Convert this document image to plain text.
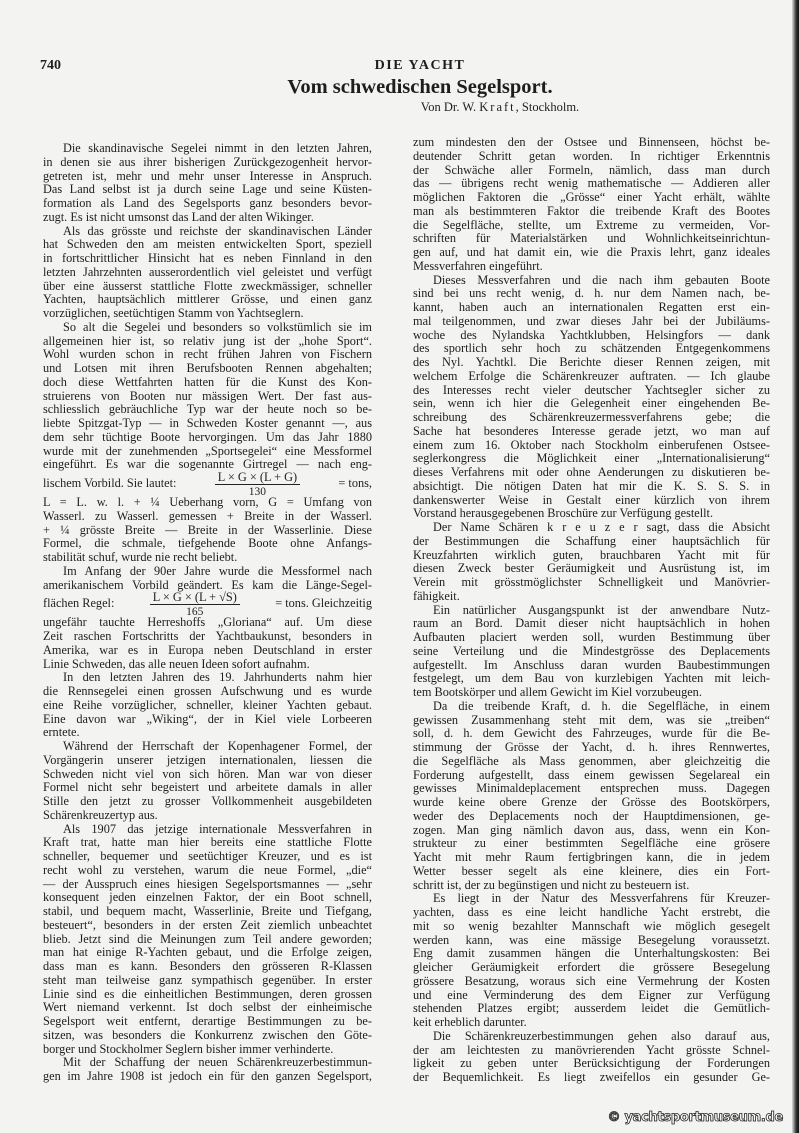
740	DIE YACHT
Vom schwedischen Segelsport.
Von Dr. W. Kraft, Stockholm.
Die skandinavische Segelei nimmt in den letzten Jahren,
in denen sie aus ihrer bisherigen Zurückgezogenheit hervor-
getreten ist, mehr und mehr unser Interesse in Anspruch.
Das Land selbst ist ja durch seine Lage und seine Küsten-
formation als Land des Segelsports ganz besonders bevor-
zugt. Es ist nicht umsonst das Land der alten Wikinger.
Als das grösste und reichste der skandinavischen Länder
hat Schweden den am meisten entwickelten Sport, speziell
in fortschrittlicher Hinsicht hat es neben Finnland in den
letzten Jahrzehnten ausserordentlich viel geleistet und verfügt
über eine äusserst stattliche Flotte zweckmässiger, schneller
Yachten, hauptsächlich mittlerer Grösse, und einen ganz
vorzüglichen, seetüchtigen Stamm von Yachtseglern.
So alt die Segelei und besonders so volkstümlich sie im
allgemeinen hier ist, so relativ jung ist der „hohe Sport“.
Wohl wurden schon in recht frühen Jahren von Fischern
und Lotsen mit ihren Berufsbooten Rennen abgehalten;
doch diese Wettfahrten hatten für die Kunst des Kon-
struierens von Booten nur mässigen Wert. Der fast aus-
schliesslich gebräuchliche Typ war der heute noch so be-
liebte Spitzgat-Typ — in Schweden Koster genannt —, aus
dem sehr tüchtige Boote hervorgingen. Um das Jahr 1880
wurde mit der zunehmenden „Sportsegelei“ eine Messformel
eingeführt. Es war die sogenannte Girtregel — nach eng-
lischem Vorbild. Sie lautet:	$\frac{L \times G \times (L + G)}{130}$	= tons,
L = L. w. l. + ¼ Ueberhang vorn, G = Umfang von
Wasserl. zu Wasserl. gemessen + Breite in der Wasserl.
+ ¼ grösste Breite — Breite in der Wasserlinie. Diese
Formel, die schmale, tiefgehende Boote ohne Anfangs-
stabilität schuf, wurde nie recht beliebt.
Im Anfang der 90er Jahre wurde die Messformel nach
amerikanischem Vorbild geändert. Es kam die Länge-Segel-
flächen Regel:	$\frac{L \times G \times (L + √S)}{165}$	= tons. Gleichzeitig
ungefähr tauchte Herreshoffs „Gloriana“ auf. Um diese
Zeit raschen Fortschritts der Yachtbaukunst, besonders in
Amerika, war es in Europa neben Deutschland in erster
Linie Schweden, das alle neuen Ideen sofort aufnahm.
In den letzten Jahren des 19. Jahrhunderts nahm hier
die Rennsegelei einen grossen Aufschwung und es wurde
eine Reihe vorzüglicher, schneller, kleiner Yachten gebaut.
Eine davon war „Wiking“, der in Kiel viele Lorbeeren
erntete.
Während der Herrschaft der Kopenhagener Formel, der
Vorgängerin unserer jetzigen internationalen, liessen die
Schweden nicht viel von sich hören. Man war von dieser
Formel nicht sehr begeistert und arbeitete damals in aller
Stille den jetzt zu grosser Vollkommenheit ausgebildeten
Schärenkreuzertyp aus.
Als 1907 das jetzige internationale Messverfahren in
Kraft trat, hatte man hier bereits eine stattliche Flotte
schneller, bequemer und seetüchtiger Kreuzer, und es ist
recht wohl zu verstehen, warum die neue Formel, „die“
— der Ausspruch eines hiesigen Segelsportsmannes — „sehr
konsequent jeden einzelnen Faktor, der ein Boot schnell,
stabil, und bequem macht, Wasserlinie, Breite und Tiefgang,
besteuert“, besonders in der ersten Zeit ziemlich unbeachtet
blieb. Jetzt sind die Meinungen zum Teil andere geworden;
man hat einige R-Yachten gebaut, und die Erfolge zeigen,
dass man es kann. Besonders den grösseren R-Klassen
steht man teilweise ganz sympathisch gegenüber. In erster
Linie sind es die einheitlichen Bestimmungen, deren grossen
Wert niemand verkennt. Ist doch selbst der einheimische
Segelsport weit entfernt, derartige Bestimmungen zu be-
sitzen, was besonders die Konkurrenz zwischen den Göte-
borger und Stockholmer Seglern bisher immer verhinderte.
Mit der Schaffung der neuen Schärenkreuzerbestimmun-
gen im Jahre 1908 ist jedoch ein für den ganzen Segelsport,
zum mindesten den der Ostsee und Binnenseen, höchst be-
deutender Schritt getan worden. In richtiger Erkenntnis
der Schwäche aller Formeln, nämlich, dass man durch
das — übrigens recht wenig mathematische — Addieren aller
möglichen Faktoren die „Grösse“ einer Yacht erhält, wählte
man als bestimmteren Faktor die treibende Kraft des Bootes
die Segelfläche, stellte, um Extreme zu vermeiden, Vor-
schriften für Materialstärken und Wohnlichkeitseinrichtun-
gen auf, und hat damit ein, wie die Praxis lehrt, ganz ideales
Messverfahren eingeführt.
Dieses Messverfahren und die nach ihm gebauten Boote
sind bei uns recht wenig, d. h. nur dem Namen nach, be-
kannt, haben auch an internationalen Regatten erst ein-
mal teilgenommen, und zwar dieses Jahr bei der Jubiläums-
woche des Nylandska Yachtklubben, Helsingfors — dank
des sportlich sehr hoch zu schätzenden Entgegenkommens
des Nyl. Yachtkl. Die Berichte dieser Rennen zeigen, mit
welchem Erfolge die Schärenkreuzer auftraten. — Ich glaube
des Interesses recht vieler deutscher Yachtsegler sicher zu
sein, wenn ich hier die Gelegenheit einer eingehenden Be-
schreibung des Schärenkreuzermessverfahrens gebe; die
Sache hat besonderes Interesse gerade jetzt, wo man auf
einem zum 16. Oktober nach Stockholm einberufenen Ostsee-
seglerkongress die Möglichkeit einer „Internationalisierung“
dieses Verfahrens mit oder ohne Aenderungen zu diskutieren be-
absichtigt. Die nötigen Daten hat mir die K. S. S. S. in
dankenswerter Weise in Gestalt einer kürzlich von ihrem
Vorstand herausgegebenen Broschüre zur Verfügung gestellt.
Der Name Schären k r e u z e r sagt, dass die Absicht
der Bestimmungen die Schaffung einer hauptsächlich für
Kreuzfahrten wirklich guten, brauchbaren Yacht mit für
diesen Zweck bester Geräumigkeit und Ausrüstung ist, im
Verein mit grösstmöglichster Schnelligkeit und Manövrier-
fähigkeit.
Ein natürlicher Ausgangspunkt ist der anwendbare Nutz-
raum an Bord. Damit dieser nicht hauptsächlich in hohen
Aufbauten placiert werden soll, wurden Bestimmung über
seine Verteilung und die Mindestgrösse des Deplacements
aufgestellt. Im Anschluss daran wurden Baubestimmungen
festgelegt, um dem Bau von kurzlebigen Yachten mit leich-
tem Bootskörper und allem Gewicht im Kiel vorzubeugen.
Da die treibende Kraft, d. h. die Segelfläche, in einem
gewissen Zusammenhang steht mit dem, was sie „treiben“
soll, d. h. dem Gewicht des Fahrzeuges, wurde für die Be-
stimmung der Grösse der Yacht, d. h. ihres Rennwertes,
die Segelfläche als Mass genommen, aber gleichzeitig die
Forderung aufgestellt, dass einem gewissen Segelareal ein
gewisses Minimaldeplacement entsprechen muss. Dagegen
wurde keine obere Grenze der Grösse des Bootskörpers,
weder des Deplacements noch der Hauptdimensionen, ge-
zogen. Man ging nämlich davon aus, dass, wenn ein Kon-
strukteur zu einer bestimmten Segelfläche eine grösere
Yacht mit mehr Raum fertigbringen kann, die in jedem
Wetter besser segelt als eine kleinere, dies ein Fort-
schritt ist, der zu begünstigen und nicht zu besteuern ist.
Es liegt in der Natur des Messverfahrens für Kreuzer-
yachten, dass es eine leicht handliche Yacht erstrebt, die
mit so wenig bezahlter Mannschaft wie möglich gesegelt
werden kann, was eine mässige Besegelung voraussetzt.
Eng damit zusammen hängen die Unterhaltungskosten: Bei
gleicher Geräumigkeit erfordert die grössere Besegelung
grössere Besatzung, woraus sich eine Vermehrung der Kosten
und eine Verminderung des dem Eigner zur Verfügung
stehenden Platzes ergibt; ausserdem leidet die Gemütlich-
keit erheblich darunter.
Die Schärenkreuzerbestimmungen gehen also darauf aus,
der am leichtesten zu manövrierenden Yacht grösste Schnel-
ligkeit zu geben unter Berücksichtigung der Forderungen
der Bequemlichkeit. Es liegt zweifellos ein gesunder Ge-
© yachtsportmuseum.de
